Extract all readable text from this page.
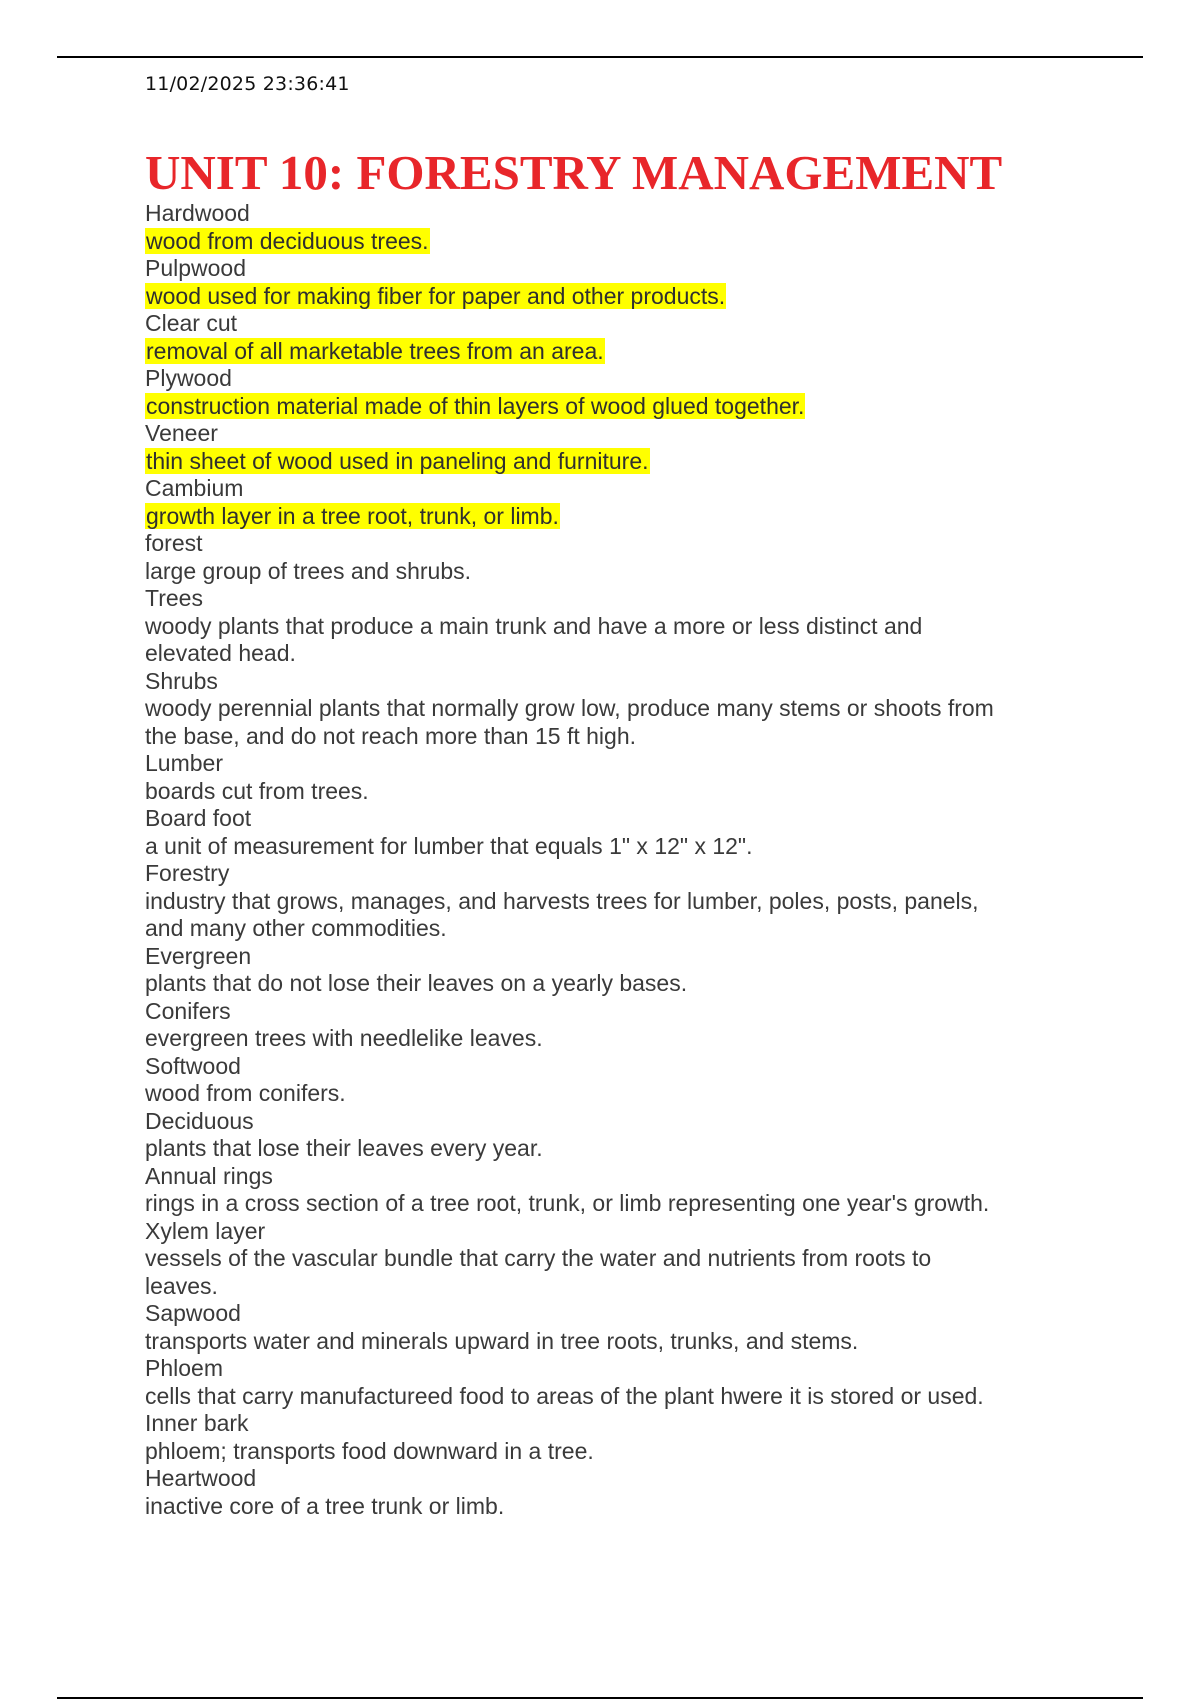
11/02/2025 23:36:41
UNIT 10: FORESTRY MANAGEMENT
Hardwood
wood from deciduous trees.
Pulpwood
wood used for making fiber for paper and other products.
Clear cut
removal of all marketable trees from an area.
Plywood
construction material made of thin layers of wood glued together.
Veneer
thin sheet of wood used in paneling and furniture.
Cambium
growth layer in a tree root, trunk, or limb.
forest
large group of trees and shrubs.
Trees
woody plants that produce a main trunk and have a more or less distinct and
elevated head.
Shrubs
woody perennial plants that normally grow low, produce many stems or shoots from
the base, and do not reach more than 15 ft high.
Lumber
boards cut from trees.
Board foot
a unit of measurement for lumber that equals 1" x 12" x 12".
Forestry
industry that grows, manages, and harvests trees for lumber, poles, posts, panels,
and many other commodities.
Evergreen
plants that do not lose their leaves on a yearly bases.
Conifers
evergreen trees with needlelike leaves.
Softwood
wood from conifers.
Deciduous
plants that lose their leaves every year.
Annual rings
rings in a cross section of a tree root, trunk, or limb representing one year's growth.
Xylem layer
vessels of the vascular bundle that carry the water and nutrients from roots to
leaves.
Sapwood
transports water and minerals upward in tree roots, trunks, and stems.
Phloem
cells that carry manufactureed food to areas of the plant hwere it is stored or used.
Inner bark
phloem; transports food downward in a tree.
Heartwood
inactive core of a tree trunk or limb.
